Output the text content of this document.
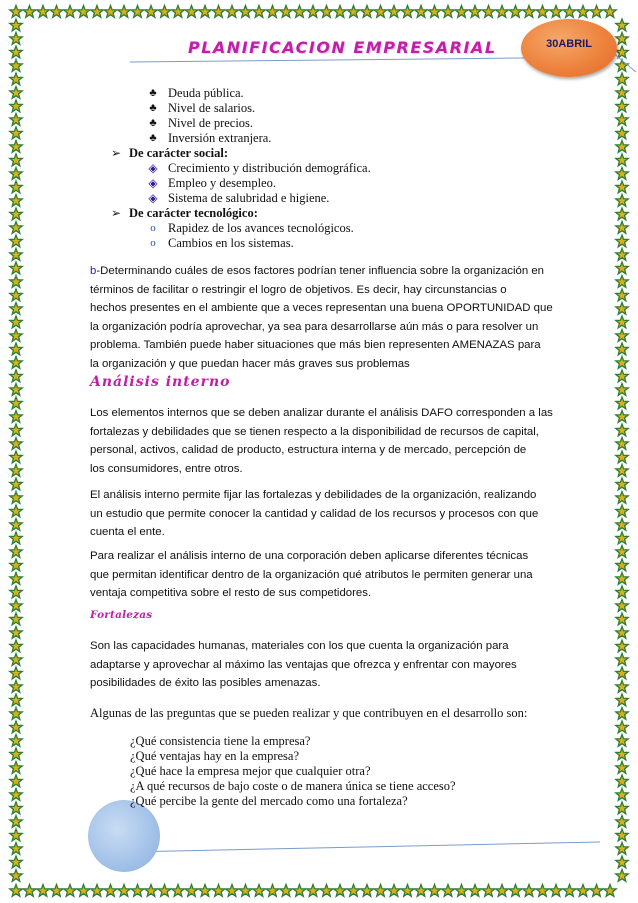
PLANIFICACION EMPRESARIAL	30ABRIL
♣ Deuda pública.
♣ Nivel de salarios.
♣ Nivel de precios.
♣ Inversión extranjera.
➢ De carácter social:
◈ Crecimiento y distribución demográfica.
◈ Empleo y desempleo.
◈ Sistema de salubridad e higiene.
➢ De carácter tecnológico:
o Rapidez de los avances tecnológicos.
o Cambios en los sistemas.
b-Determinando cuáles de esos factores podrían tener influencia sobre la organización en
términos de facilitar o restringir el logro de objetivos. Es decir, hay circunstancias o
hechos presentes en el ambiente que a veces representan una buena OPORTUNIDAD que
la organización podría aprovechar, ya sea para desarrollarse aún más o para resolver un
problema. También puede haber situaciones que más bien representen AMENAZAS para
la organización y que puedan hacer más graves sus problemas
Análisis interno
Los elementos internos que se deben analizar durante el análisis DAFO corresponden a las
fortalezas y debilidades que se tienen respecto a la disponibilidad de recursos de capital,
personal, activos, calidad de producto, estructura interna y de mercado, percepción de
los consumidores, entre otros.
El análisis interno permite fijar las fortalezas y debilidades de la organización, realizando
un estudio que permite conocer la cantidad y calidad de los recursos y procesos con que
cuenta el ente.
Para realizar el análisis interno de una corporación deben aplicarse diferentes técnicas
que permitan identificar dentro de la organización qué atributos le permiten generar una
ventaja competitiva sobre el resto de sus competidores.
Fortalezas
Son las capacidades humanas, materiales con los que cuenta la organización para
adaptarse y aprovechar al máximo las ventajas que ofrezca y enfrentar con mayores
posibilidades de éxito las posibles amenazas.
Algunas de las preguntas que se pueden realizar y que contribuyen en el desarrollo son:
¿Qué consistencia tiene la empresa?
¿Qué ventajas hay en la empresa?
¿Qué hace la empresa mejor que cualquier otra?
¿A qué recursos de bajo coste o de manera única se tiene acceso?
¿Qué percibe la gente del mercado como una fortaleza?
